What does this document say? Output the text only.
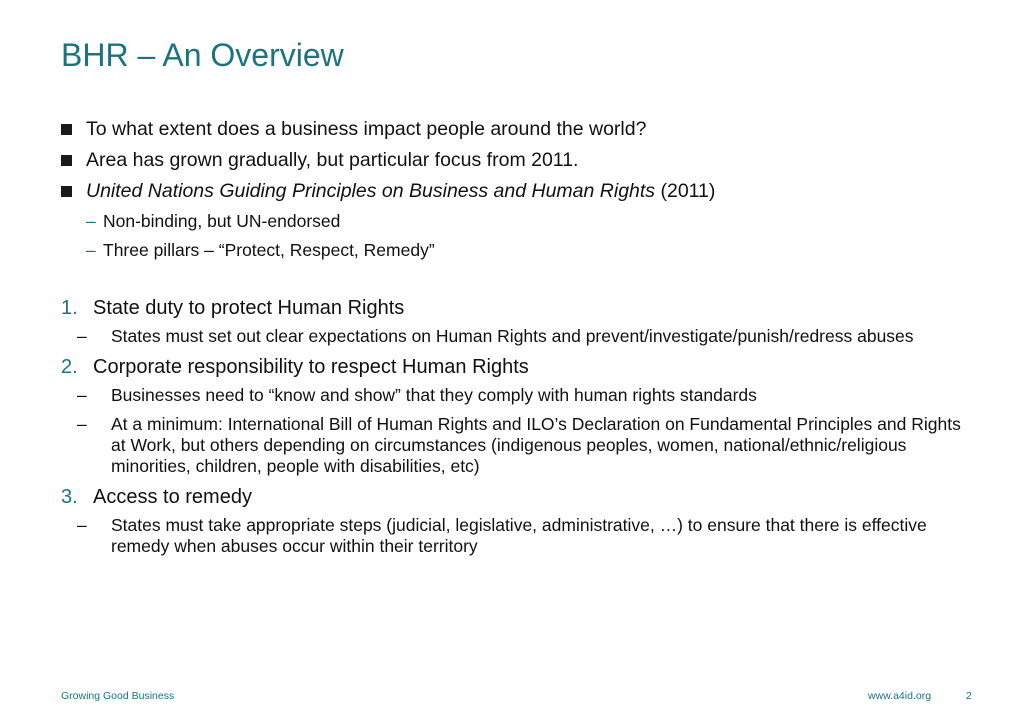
BHR – An Overview
To what extent does a business impact people around the world?
Area has grown gradually, but particular focus from 2011.
United Nations Guiding Principles on Business and Human Rights (2011)
– Non-binding, but UN-endorsed
– Three pillars – “Protect, Respect, Remedy”
1. State duty to protect Human Rights
– States must set out clear expectations on Human Rights and prevent/investigate/punish/redress abuses
2. Corporate responsibility to respect Human Rights
– Businesses need to “know and show” that they comply with human rights standards
– At a minimum: International Bill of Human Rights and ILO’s Declaration on Fundamental Principles and Rights at Work, but others depending on circumstances (indigenous peoples, women, national/ethnic/religious minorities, children, people with disabilities, etc)
3. Access to remedy
– States must take appropriate steps (judicial, legislative, administrative, …) to ensure that there is effective remedy when abuses occur within their territory
Growing Good Business	www.a4id.org	2
